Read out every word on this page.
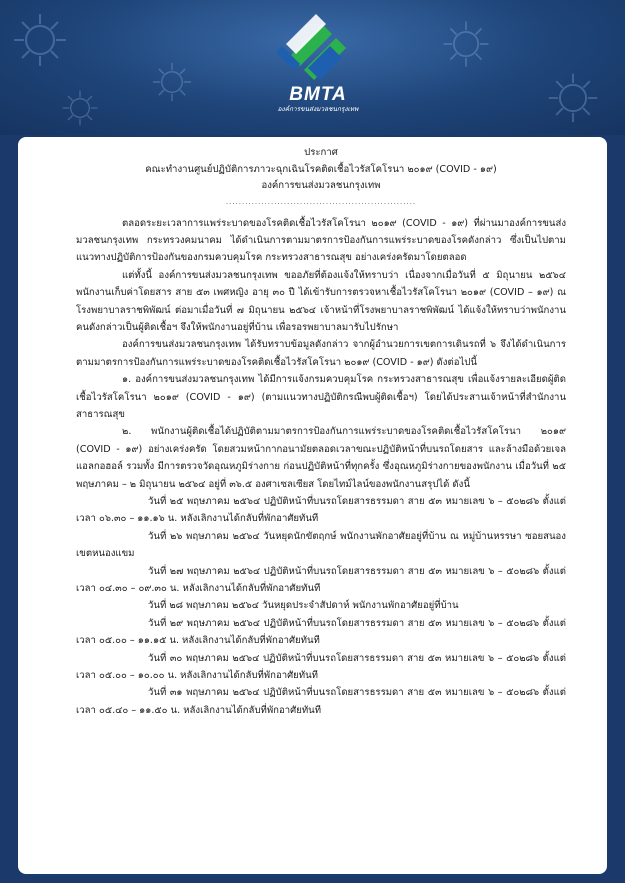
BMTA
องค์การขนส่งมวลชนกรุงเทพ
ประกาศ
คณะทำงานศูนย์ปฏิบัติการภาวะฉุกเฉินโรคติดเชื้อไวรัสโคโรนา ๒๐๑๙ (COVID - ๑๙)
องค์การขนส่งมวลชนกรุงเทพ
...........................................................

ตลอดระยะเวลาการแพร่ระบาดของโรคติดเชื้อไวรัสโคโรนา ๒๐๑๙ (COVID - ๑๙) ที่ผ่านมาองค์การขนส่งมวลชนกรุงเทพ กระทรวงคมนาคม ได้ดำเนินการตามมาตรการป้องกันการแพร่ระบาดของโรคดังกล่าว ซึ่งเป็นไปตามแนวทางปฏิบัติการป้องกันของกรมควบคุมโรค กระทรวงสาธารณสุข อย่างเคร่งครัดมาโดยตลอด

แต่ทั้งนี้ องค์การขนส่งมวลชนกรุงเทพ ขออภัยที่ต้องแจ้งให้ทราบว่า เนื่องจากเมื่อวันที่ ๕ มิถุนายน ๒๕๖๔ พนักงานเก็บค่าโดยสาร สาย ๕๓ เพศหญิง อายุ ๓๐ ปี ได้เข้ารับการตรวจหาเชื้อไวรัสโคโรนา ๒๐๑๙ (COVID – ๑๙) ณ โรงพยาบาลราชพิพัฒน์ ต่อมาเมื่อวันที่ ๗ มิถุนายน ๒๕๖๔ เจ้าหน้าที่โรงพยาบาลราชพิพัฒน์ ได้แจ้งให้ทราบว่าพนักงานคนดังกล่าวเป็นผู้ติดเชื้อฯ จึงให้พนักงานอยู่ที่บ้าน เพื่อรอรพยาบาลมารับไปรักษา

องค์การขนส่งมวลชนกรุงเทพ ได้รับทราบข้อมูลดังกล่าว จากผู้อำนวยการเขตการเดินรถที่ ๖ จึงได้ดำเนินการตามมาตรการป้องกันการแพร่ระบาดของโรคติดเชื้อไวรัสโคโรนา ๒๐๑๙ (COVID - ๑๙) ดังต่อไปนี้

๑. องค์การขนส่งมวลชนกรุงเทพ ได้มีการแจ้งกรมควบคุมโรค กระทรวงสาธารณสุข เพื่อแจ้งรายละเอียดผู้ติดเชื้อไวรัสโคโรนา ๒๐๑๙ (COVID - ๑๙) (ตามแนวทางปฏิบัติกรณีพบผู้ติดเชื้อฯ) โดยได้ประสานเจ้าหน้าที่สำนักงานสาธารณสุข

๒. พนักงานผู้ติดเชื้อได้ปฏิบัติตามมาตรการป้องกันการแพร่ระบาดของโรคติดเชื้อไวรัสโคโรนา ๒๐๑๙ (COVID - ๑๙) อย่างเคร่งครัด โดยสวมหน้ากากอนามัยตลอดเวลาขณะปฏิบัติหน้าที่บนรถโดยสาร และล้างมือด้วยเจลแอลกอฮอล์ รวมทั้ง มีการตรวจวัดอุณหภูมิร่างกาย ก่อนปฏิบัติหน้าที่ทุกครั้ง ซึ่งอุณหภูมิร่างกายของพนักงาน เมื่อวันที่ ๒๕ พฤษภาคม – ๒ มิถุนายน ๒๕๖๔ อยู่ที่ ๓๖.๕ องศาเซลเซียส โดยไทม์ไลน์ของพนักงานสรุปได้ ดังนี้

วันที่ ๒๕ พฤษภาคม ๒๕๖๔ ปฏิบัติหน้าที่บนรถโดยสารธรรมดา สาย ๕๓ หมายเลข ๖ – ๕๐๒๘๖ ตั้งแต่เวลา ๐๖.๓๐ – ๑๑.๑๖ น. หลังเลิกงานได้กลับที่พักอาศัยทันที

วันที่ ๒๖ พฤษภาคม ๒๕๖๔ วันหยุดนักขัตฤกษ์ พนักงานพักอาศัยอยู่ที่บ้าน ณ หมู่บ้านหรรษา ซอยสนอง เขตหนองแขม

วันที่ ๒๗ พฤษภาคม ๒๕๖๔ ปฏิบัติหน้าที่บนรถโดยสารธรรมดา สาย ๕๓ หมายเลข ๖ – ๕๐๒๘๖ ตั้งแต่เวลา ๐๔.๓๐ – ๐๙.๓๐ น. หลังเลิกงานได้กลับที่พักอาศัยทันที

วันที่ ๒๘ พฤษภาคม ๒๕๖๔ วันหยุดประจำสัปดาห์ พนักงานพักอาศัยอยู่ที่บ้าน

วันที่ ๒๙ พฤษภาคม ๒๕๖๔ ปฏิบัติหน้าที่บนรถโดยสารธรรมดา สาย ๕๓ หมายเลข ๖ – ๕๐๒๘๖ ตั้งแต่เวลา ๐๕.๐๐ – ๑๑.๑๕ น. หลังเลิกงานได้กลับที่พักอาศัยทันที

วันที่ ๓๐ พฤษภาคม ๒๕๖๔ ปฏิบัติหน้าที่บนรถโดยสารธรรมดา สาย ๕๓ หมายเลข ๖ – ๕๐๒๘๖ ตั้งแต่เวลา ๐๕.๐๐ – ๑๐.๐๐ น. หลังเลิกงานได้กลับที่พักอาศัยทันที

วันที่ ๓๑ พฤษภาคม ๒๕๖๔ ปฏิบัติหน้าที่บนรถโดยสารธรรมดา สาย ๕๓ หมายเลข ๖ – ๕๐๒๘๖ ตั้งแต่เวลา ๐๕.๔๐ – ๑๑.๕๐ น. หลังเลิกงานได้กลับที่พักอาศัยทันที
